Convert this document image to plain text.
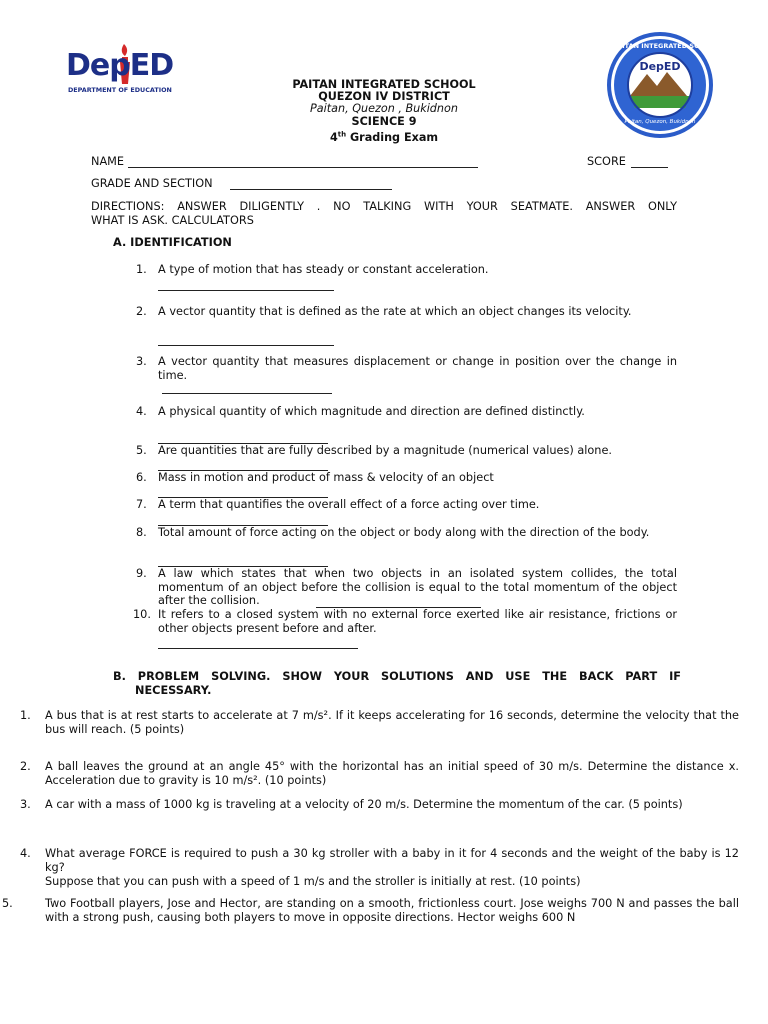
DepED
DEPARTMENT OF EDUCATION
PAITAN INTEGRATED SCHOOL
DepED
Paitan, Quezon, Bukidnon
PAITAN INTEGRATED SCHOOL
QUEZON IV DISTRICT
Paitan, Quezon , Bukidnon
SCIENCE 9
4th Grading Exam
NAME	SCORE
GRADE AND SECTION
DIRECTIONS: ANSWER DILIGENTLY . NO TALKING WITH YOUR SEATMATE. ANSWER ONLY
WHAT IS ASK. CALCULATORS
A. IDENTIFICATION
1. A type of motion that has steady or constant acceleration.
2. A vector quantity that is defined as the rate at which an object changes its velocity.
3. A vector quantity that measures displacement or change in position over the change in time.
4. A physical quantity of which magnitude and direction are defined distinctly.
5. Are quantities that are fully described by a magnitude (numerical values) alone.
6. Mass in motion and product of mass & velocity of an object
7. A term that quantifies the overall effect of a force acting over time.
8. Total amount of force acting on the object or body along with the direction of the body.
9. A law which states that when two objects in an isolated system collides, the total momentum of an object before the collision is equal to the total momentum of the object after the collision.
10. It refers to a closed system with no external force exerted like air resistance, frictions or other objects present before and after.
B. PROBLEM SOLVING. SHOW YOUR SOLUTIONS AND USE THE BACK PART IF
NECESSARY.
1. A bus that is at rest starts to accelerate at 7 m/s². If it keeps accelerating for 16 seconds, determine the velocity that the bus will reach. (5 points)
2. A ball leaves the ground at an angle 45° with the horizontal has an initial speed of 30 m/s. Determine the distance x. Acceleration due to gravity is 10 m/s². (10 points)
3. A car with a mass of 1000 kg is traveling at a velocity of 20 m/s. Determine the momentum of the car. (5 points)
4. What average FORCE is required to push a 30 kg stroller with a baby in it for 4 seconds and the weight of the baby is 12 kg?
Suppose that you can push with a speed of 1 m/s and the stroller is initially at rest. (10 points)
5.	Two Football players, Jose and Hector, are standing on a smooth, frictionless court. Jose weighs 700 N and passes the ball with a strong push, causing both players to move in opposite directions. Hector weighs 600 N
